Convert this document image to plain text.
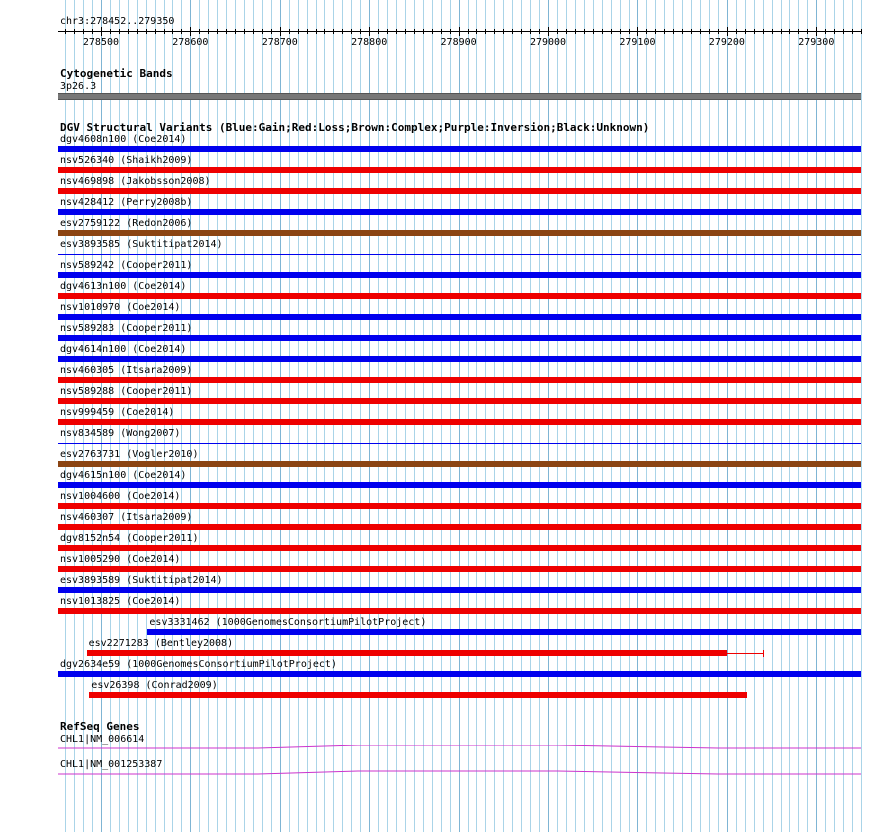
chr3:278452..279350
278500	278600	278700	278800	278900	279000	279100	279200	279300
Cytogenetic Bands
3p26.3
DGV Structural Variants (Blue:Gain;Red:Loss;Brown:Complex;Purple:Inversion;Black:Unknown)
dgv4608n100 (Coe2014)
nsv526340 (Shaikh2009)
nsv469898 (Jakobsson2008)
nsv428412 (Perry2008b)
esv2759122 (Redon2006)
esv3893585 (Suktitipat2014)
nsv589242 (Cooper2011)
dgv4613n100 (Coe2014)
nsv1010970 (Coe2014)
nsv589283 (Cooper2011)
dgv4614n100 (Coe2014)
nsv460305 (Itsara2009)
nsv589288 (Cooper2011)
nsv999459 (Coe2014)
nsv834589 (Wong2007)
esv2763731 (Vogler2010)
dgv4615n100 (Coe2014)
nsv1004600 (Coe2014)
nsv460307 (Itsara2009)
dgv8152n54 (Cooper2011)
nsv1005290 (Coe2014)
esv3893589 (Suktitipat2014)
nsv1013825 (Coe2014)
esv3331462 (1000GenomesConsortiumPilotProject)
esv2271283 (Bentley2008)
dgv2634e59 (1000GenomesConsortiumPilotProject)
esv26398 (Conrad2009)
RefSeq Genes
CHL1|NM_006614
CHL1|NM_001253387
